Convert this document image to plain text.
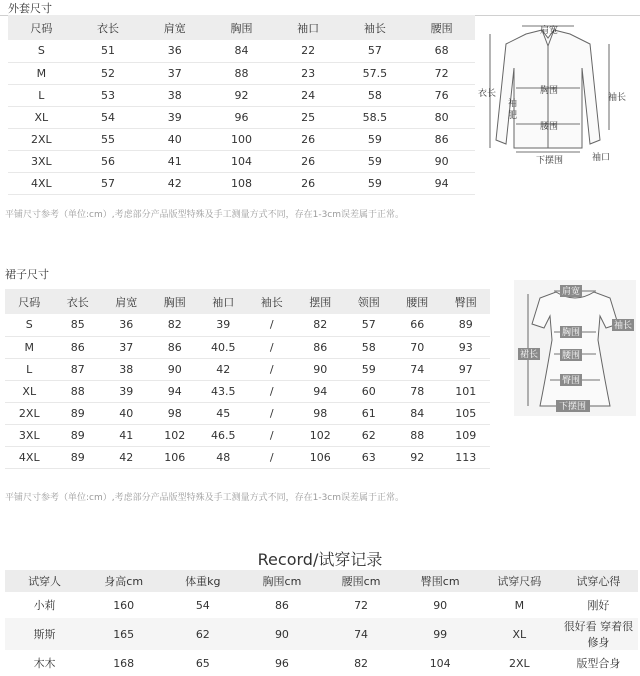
外套尺寸
尺码	衣长	肩宽	胸围	袖口	袖长	腰围
S	51	36	84	22	57	68
M	52	37	88	23	57.5	72
L	53	38	92	24	58	76
XL	54	39	96	25	58.5	80
2XL	55	40	100	26	59	86
3XL	56	41	104	26	59	90
4XL	57	42	108	26	59	94
平铺尺寸参考（单位:cm）,考虑部分产品版型特殊及手工测量方式不同，存在1-3cm误差属于正常。
肩宽
衣长
袖
肥
胸围
腰围
袖长
下摆围	袖口
裙子尺寸
尺码	衣长	肩宽	胸围	袖口	袖长	摆围	领围	腰围	臀围
S	85	36	82	39	/	82	57	66	89
M	86	37	86	40.5	/	86	58	70	93
L	87	38	90	42	/	90	59	74	97
XL	88	39	94	43.5	/	94	60	78	101
2XL	89	40	98	45	/	98	61	84	105
3XL	89	41	102	46.5	/	102	62	88	109
4XL	89	42	106	48	/	106	63	92	113
平铺尺寸参考（单位:cm）,考虑部分产品版型特殊及手工测量方式不同，存在1-3cm误差属于正常。
肩宽
胸围
袖长
裙长	腰围
臀围
下摆围
Record/试穿记录
试穿人	身高cm	体重kg	胸围cm	腰围cm	臀围cm	试穿尺码	试穿心得
小莉	160	54	86	72	90	M	刚好
斯斯	165	62	90	74	99	XL	很好看 穿着很修身
木木	168	65	96	82	104	2XL	版型合身
